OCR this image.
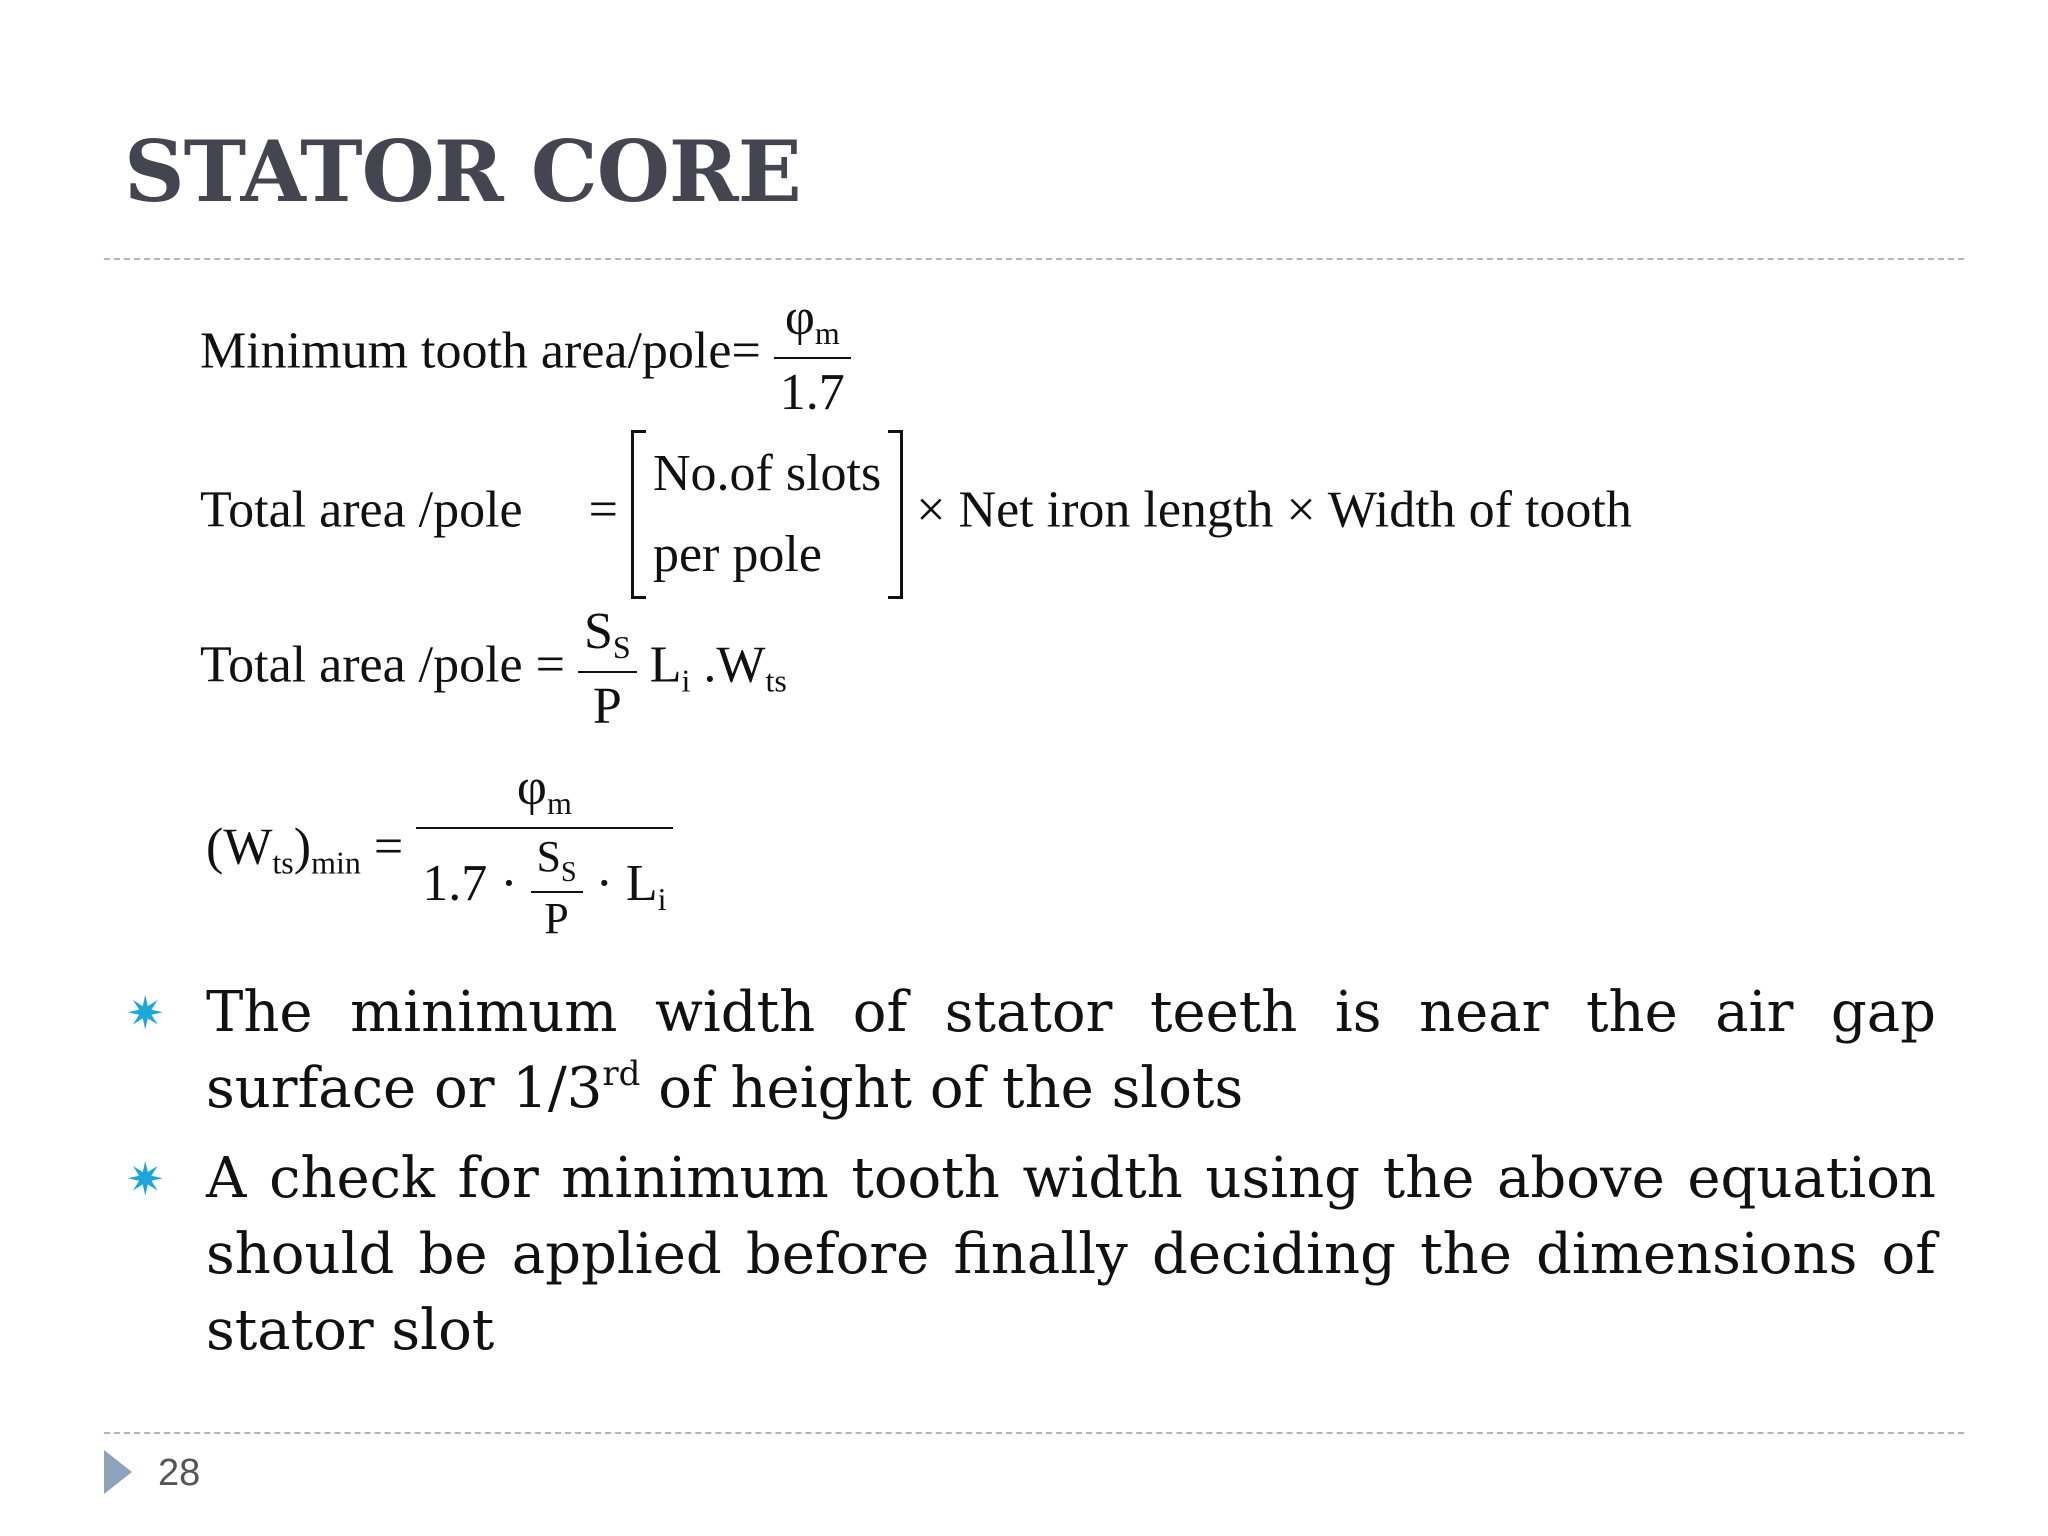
STATOR CORE
Minimum tooth area/pole= $\frac{\varphi_m}{1.7}$
Total area /pole =
No.of slots
per pole
× Net iron length × Width of tooth
Total area /pole = $\frac{S_S}{P} L_i$ $.W_{ts}$
$(W_{ts})_{min} = \frac{\varphi_m}{1.7 \cdot \frac{S_S}{P} \cdot L_i}$
✷ The minimum width of stator teeth is near the air gap surface or 1/3rd of height of the slots
✷ A check for minimum tooth width using the above equation should be applied before finally deciding the dimensions of stator slot
28
